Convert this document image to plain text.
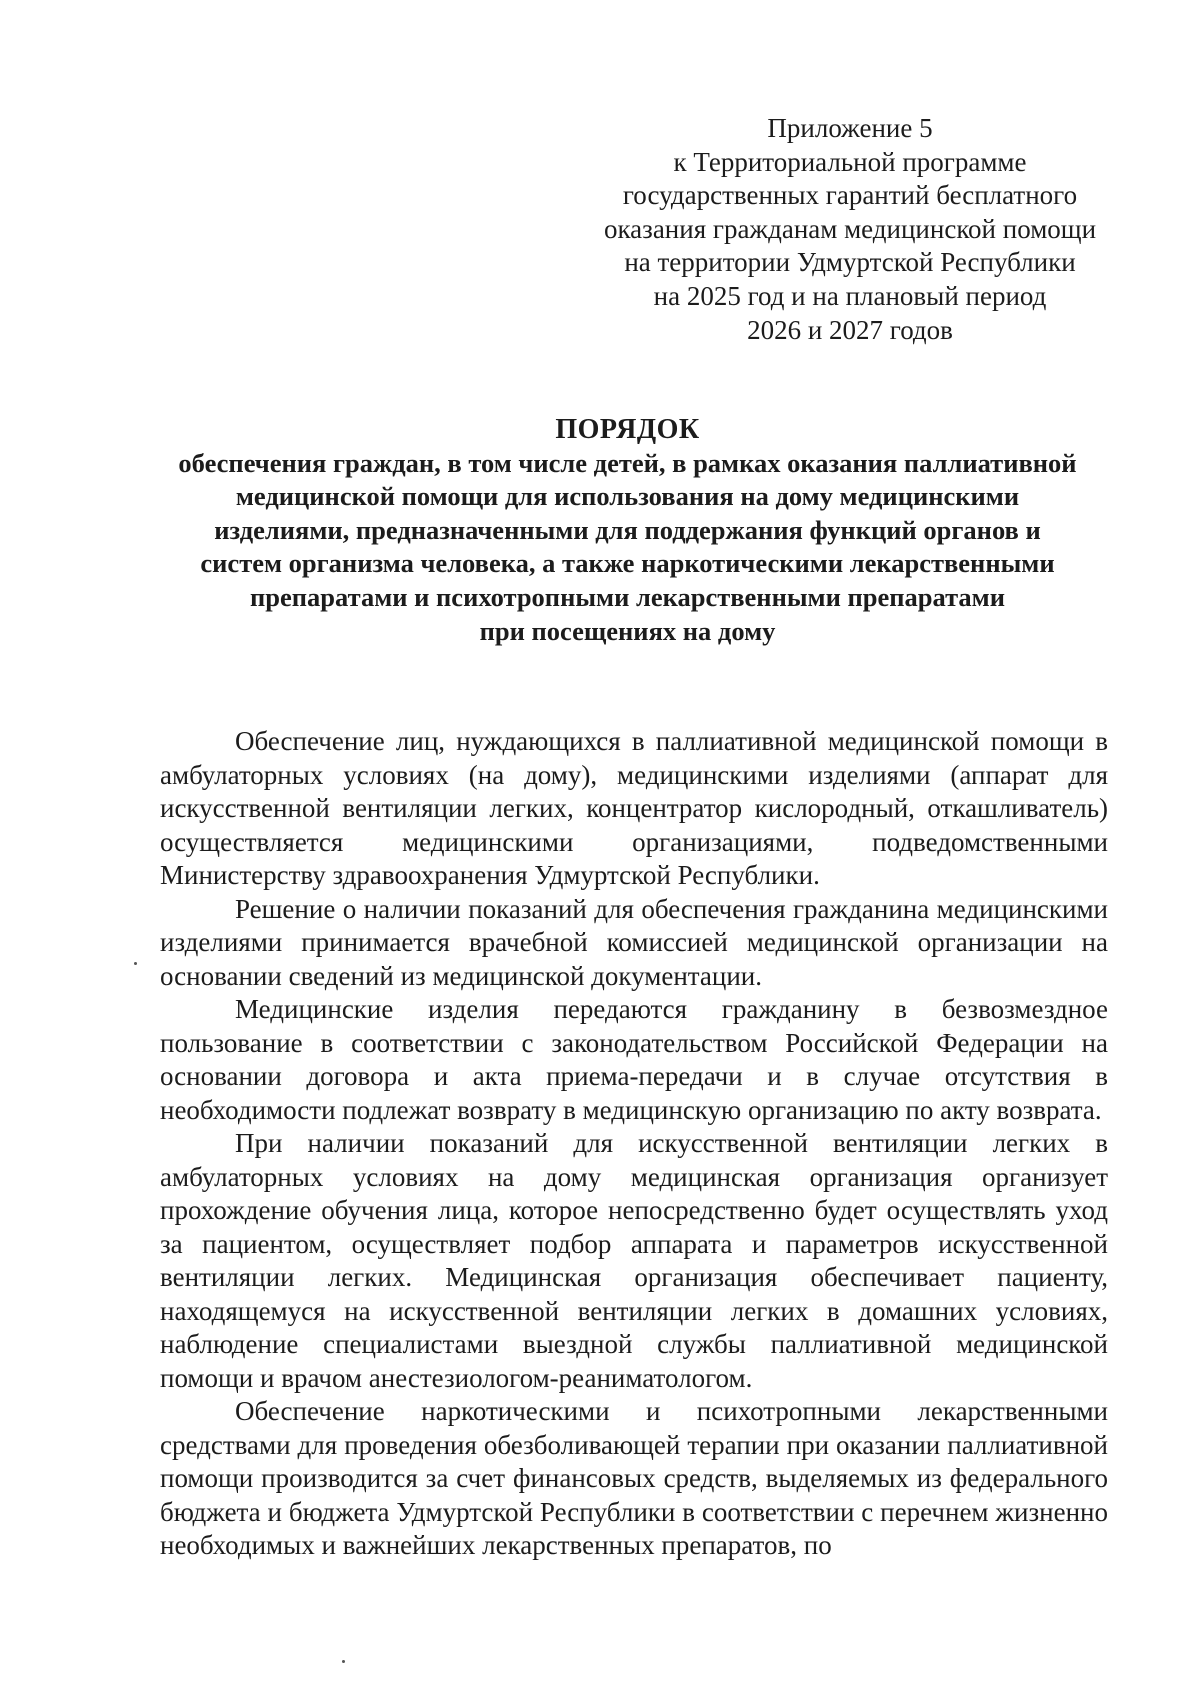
Приложение 5
к Территориальной программе
государственных гарантий бесплатного
оказания гражданам медицинской помощи
на территории Удмуртской Республики
на 2025 год и на плановый период
2026 и 2027 годов
ПОРЯДОК
обеспечения граждан, в том числе детей, в рамках оказания паллиативной
медицинской помощи для использования на дому медицинскими
изделиями, предназначенными для поддержания функций органов и
систем организма человека, а также наркотическими лекарственными
препаратами и психотропными лекарственными препаратами
при посещениях на дому

Обеспечение лиц, нуждающихся в паллиативной медицинской помощи в амбулаторных условиях (на дому), медицинскими изделиями (аппарат для искусственной вентиляции легких, концентратор кислородный, откашливатель) осуществляется медицинскими организациями, подведомственными Министерству здравоохранения Удмуртской Республики.

Решение о наличии показаний для обеспечения гражданина медицинскими изделиями принимается врачебной комиссией медицинской организации на основании сведений из медицинской документации.

Медицинские изделия передаются гражданину в безвозмездное пользование в соответствии с законодательством Российской Федерации на основании договора и акта приема-передачи и в случае отсутствия в необходимости подлежат возврату в медицинскую организацию по акту возврата.

При наличии показаний для искусственной вентиляции легких в амбулаторных условиях на дому медицинская организация организует прохождение обучения лица, которое непосредственно будет осуществлять уход за пациентом, осуществляет подбор аппарата и параметров искусственной вентиляции легких. Медицинская организация обеспечивает пациенту, находящемуся на искусственной вентиляции легких в домашних условиях, наблюдение специалистами выездной службы паллиативной медицинской помощи и врачом анестезиологом-реаниматологом.

Обеспечение наркотическими и психотропными лекарственными средствами для проведения обезболивающей терапии при оказании паллиативной помощи производится за счет финансовых средств, выделяемых из федерального бюджета и бюджета Удмуртской Республики в соответствии с перечнем жизненно необходимых и важнейших лекарственных препаратов, по
